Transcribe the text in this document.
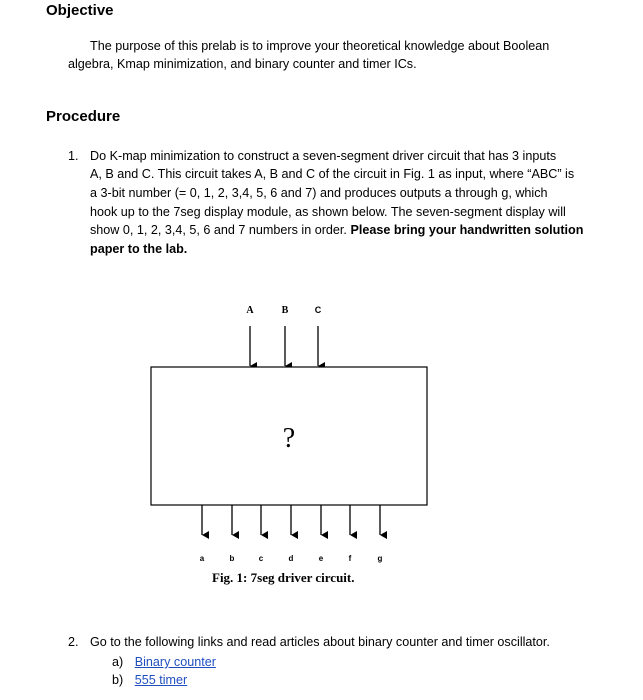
Objective

The purpose of this prelab is to improve your theoretical knowledge about Boolean

algebra, Kmap minimization, and binary counter and timer ICs.

Procedure
1. Do K-map minimization to construct a seven-segment driver circuit that has 3 inputs

A, B and C. This circuit takes A, B and C of the circuit in Fig. 1 as input, where “ABC” is

a 3-bit number (= 0, 1, 2, 3,4, 5, 6 and 7) and produces outputs a through g, which

hook up to the 7seg display module, as shown below. The seven-segment display will

show 0, 1, 2, 3,4, 5, 6 and 7 numbers in order. Please bring your handwritten solution

paper to the lab.

A	B	C
?
a	b	c	d	e	f	g
Fig. 1: 7seg driver circuit.
2. Go to the following links and read articles about binary counter and timer oscillator.

a) Binary counter
b) 555 timer
